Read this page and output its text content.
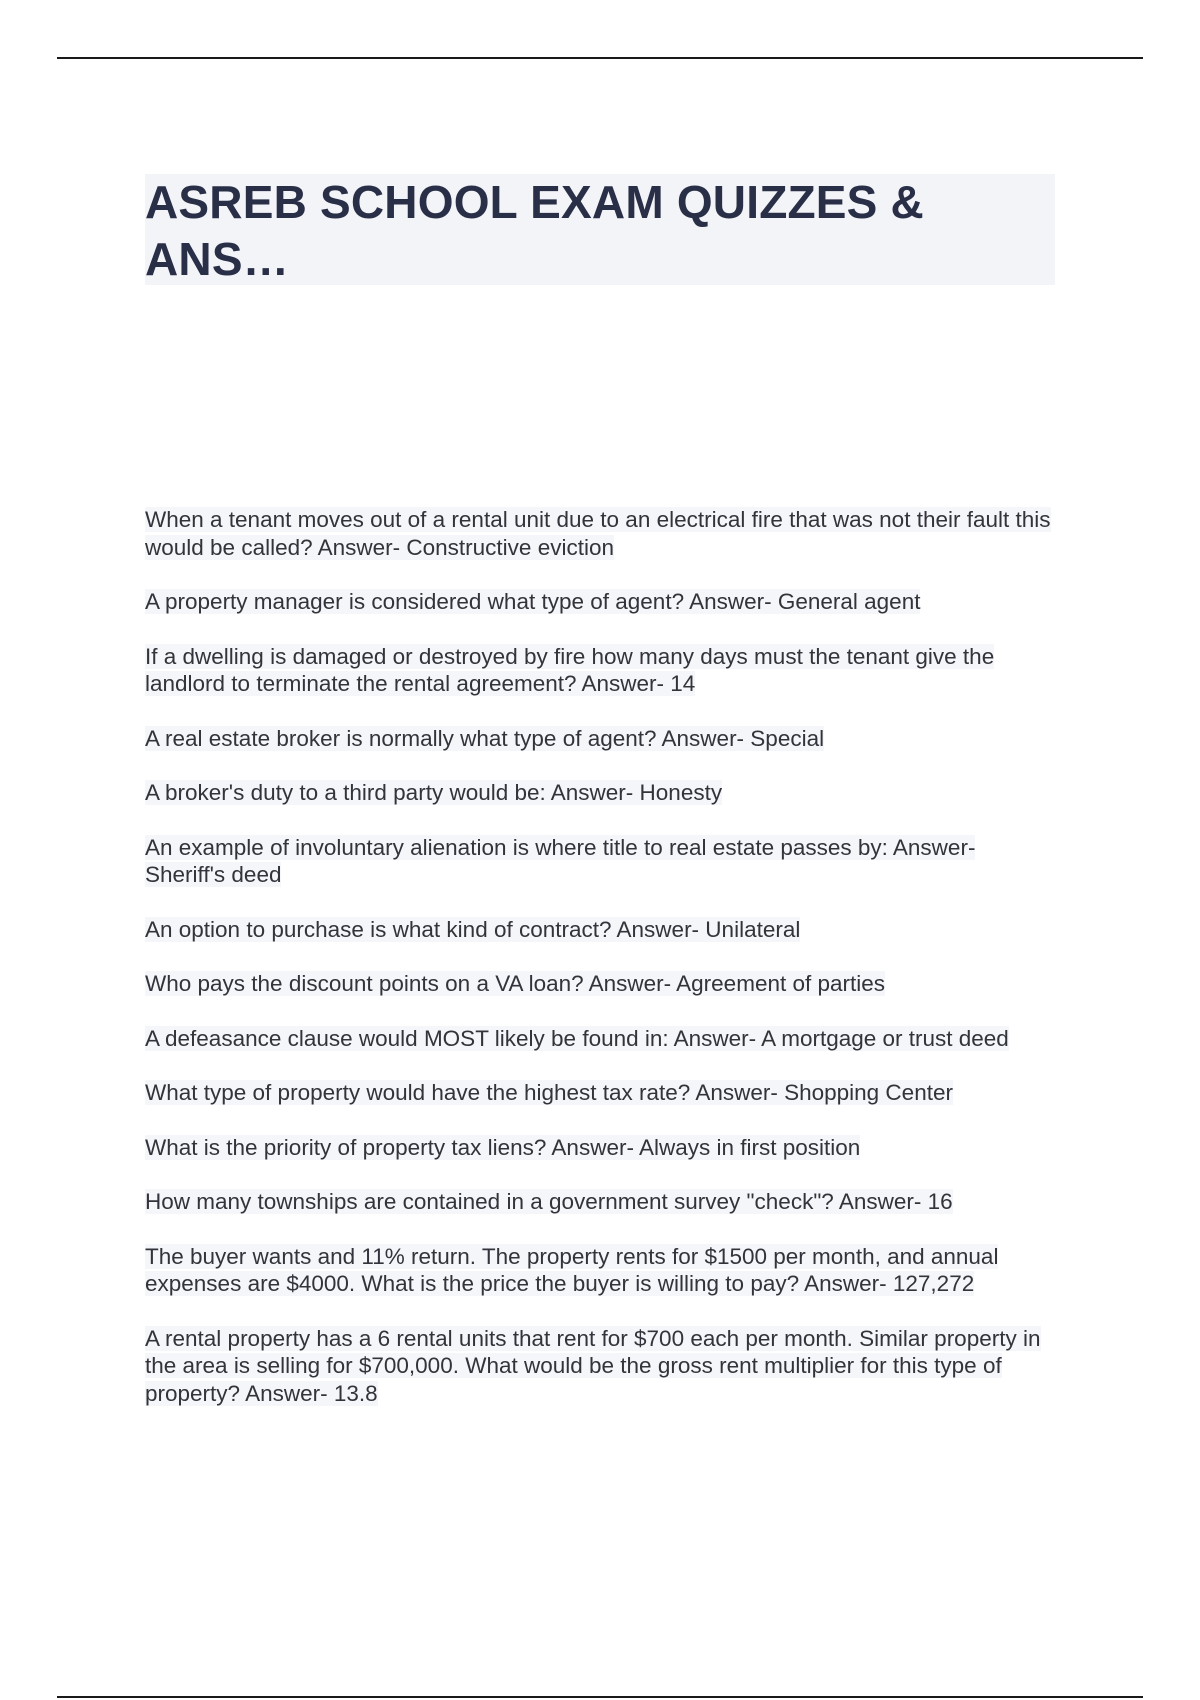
ASREB SCHOOL EXAM QUIZZES & ANS…
When a tenant moves out of a rental unit due to an electrical fire that was not their fault this would be called? Answer- Constructive eviction
A property manager is considered what type of agent? Answer- General agent
If a dwelling is damaged or destroyed by fire how many days must the tenant give the landlord to terminate the rental agreement? Answer- 14
A real estate broker is normally what type of agent? Answer- Special
A broker's duty to a third party would be: Answer- Honesty
An example of involuntary alienation is where title to real estate passes by: Answer- Sheriff's deed
An option to purchase is what kind of contract? Answer- Unilateral
Who pays the discount points on a VA loan? Answer- Agreement of parties
A defeasance clause would MOST likely be found in: Answer- A mortgage or trust deed
What type of property would have the highest tax rate? Answer- Shopping Center
What is the priority of property tax liens? Answer- Always in first position
How many townships are contained in a government survey "check"? Answer- 16
The buyer wants and 11% return. The property rents for $1500 per month, and annual expenses are $4000. What is the price the buyer is willing to pay? Answer- 127,272
A rental property has a 6 rental units that rent for $700 each per month. Similar property in the area is selling for $700,000. What would be the gross rent multiplier for this type of property? Answer- 13.8
